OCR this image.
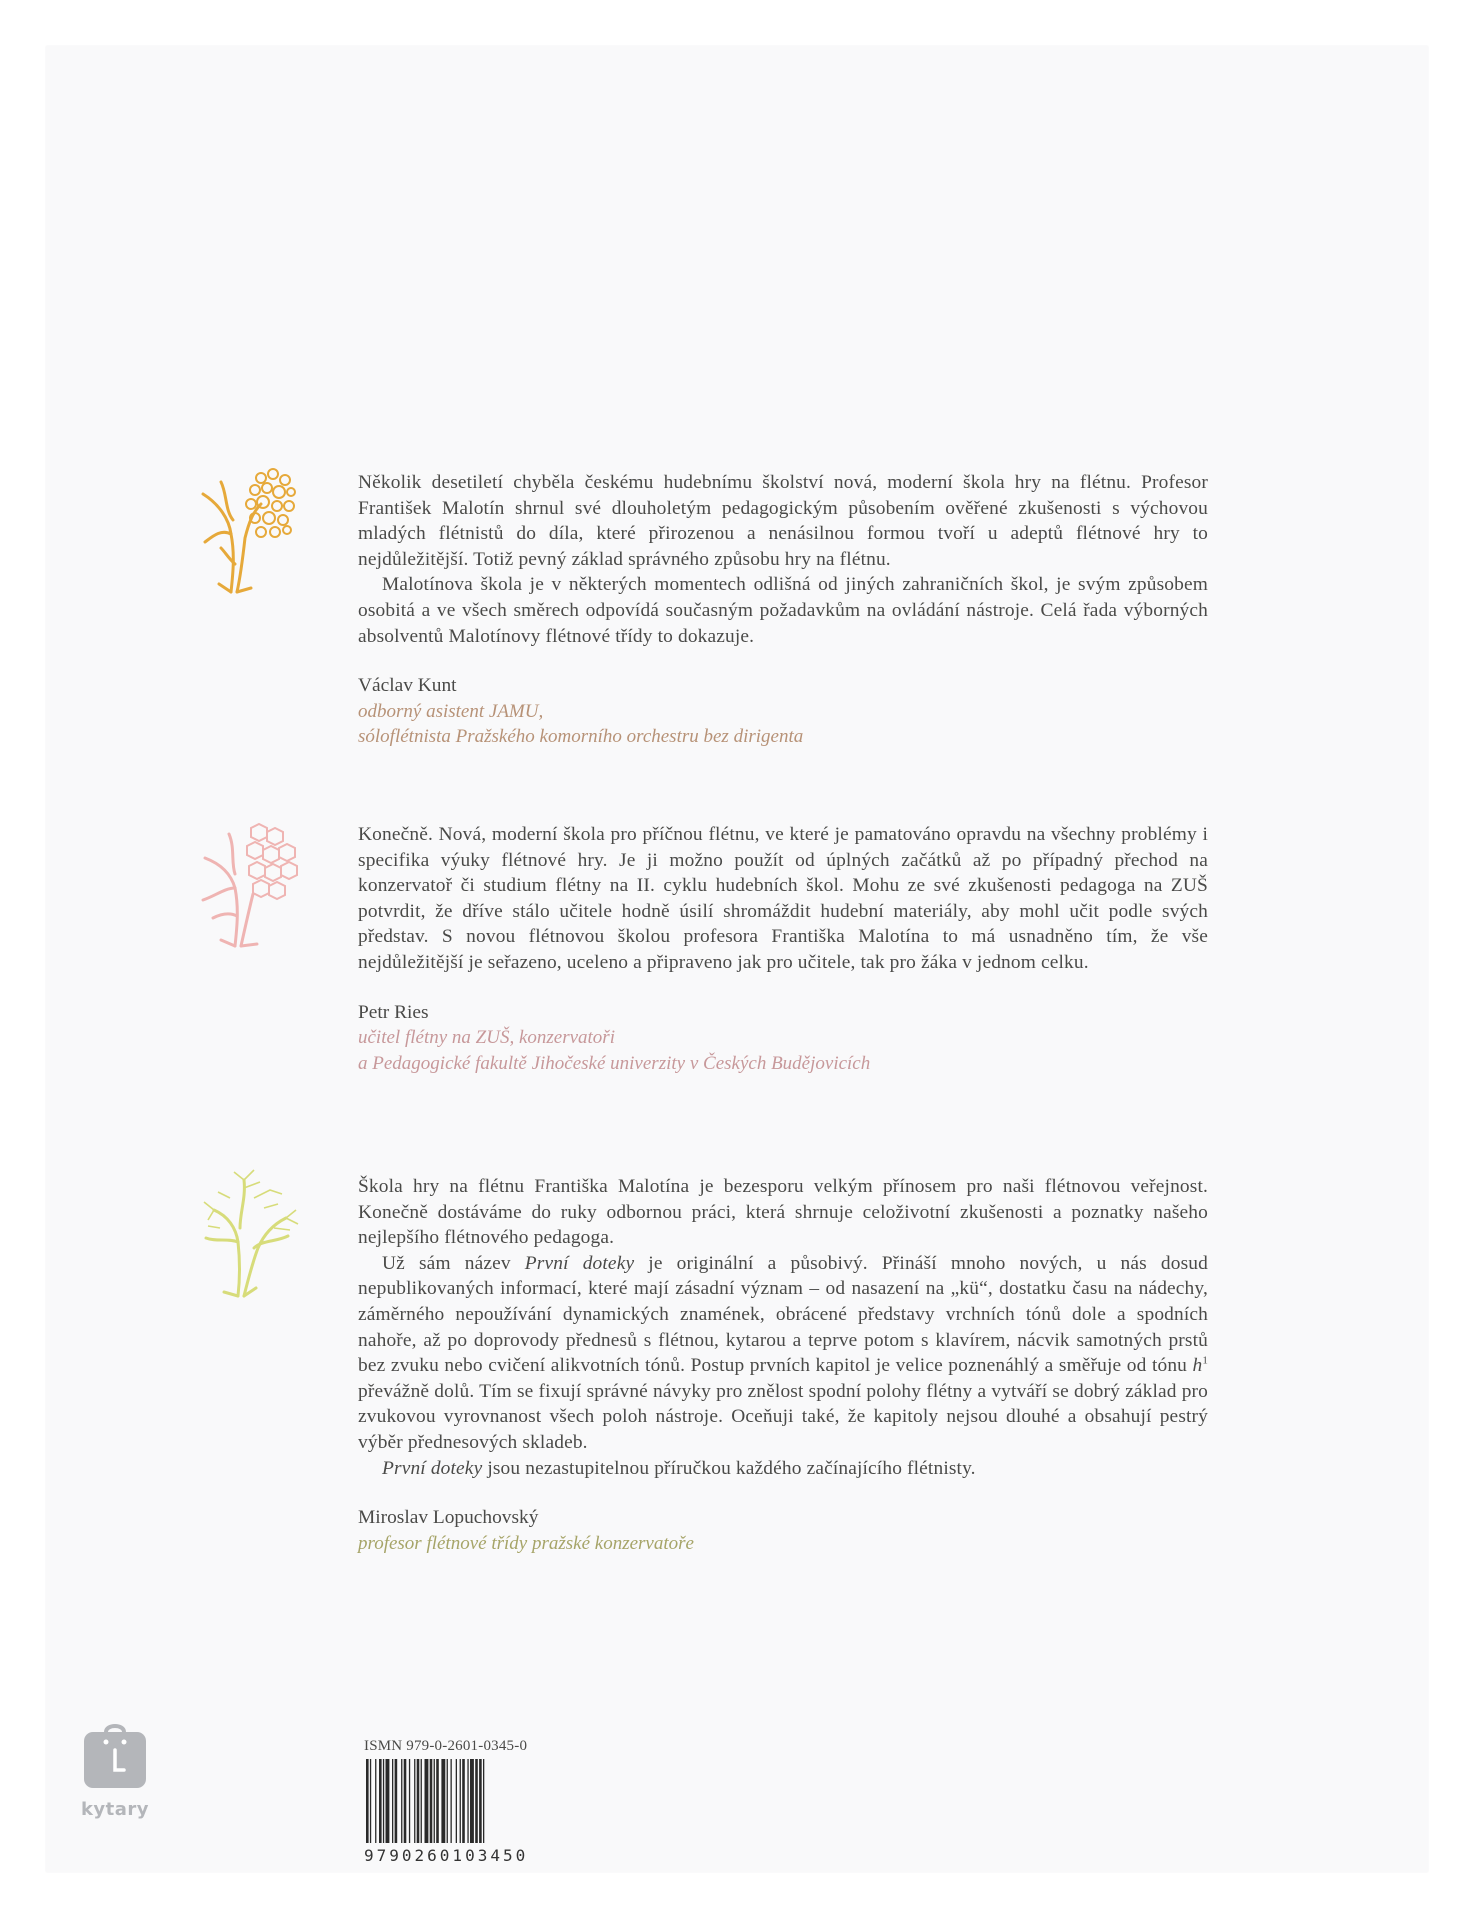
Několik desetiletí chyběla českému hudebnímu školství nová, moderní škola hry na flétnu. Profesor František Malotín shrnul své dlouholetým pedagogickým působením ověřené zkušenosti s výchovou mladých flétnistů do díla, které přirozenou a nenásilnou formou tvoří u adeptů flétnové hry to nejdůležitější. Totiž pevný základ správného způsobu hry na flétnu.

Malotínova škola je v některých momentech odlišná od jiných zahraničních škol, je svým způsobem osobitá a ve všech směrech odpovídá současným požadavkům na ovládání nástroje. Celá řada výborných absolventů Malotínovy flétnové třídy to dokazuje.

Václav Kunt

odborný asistent JAMU,

sóloflétnista Pražského komorního orchestru bez dirigenta

Konečně. Nová, moderní škola pro příčnou flétnu, ve které je pamatováno opravdu na všechny problémy i specifika výuky flétnové hry. Je ji možno použít od úplných začátků až po případný přechod na konzervatoř či studium flétny na II. cyklu hudebních škol. Mohu ze své zkušenosti pedagoga na ZUŠ potvrdit, že dříve stálo učitele hodně úsilí shromáždit hudební materiály, aby mohl učit podle svých představ. S novou flétnovou školou profesora Františka Malotína to má usnadněno tím, že vše nejdůležitější je seřazeno, uceleno a připraveno jak pro učitele, tak pro žáka v jednom celku.

Petr Ries

učitel flétny na ZUŠ, konzervatoři

a Pedagogické fakultě Jihočeské univerzity v Českých Budějovicích

Škola hry na flétnu Františka Malotína je bezesporu velkým přínosem pro naši flétnovou veřejnost. Konečně dostáváme do ruky odbornou práci, která shrnuje celoživotní zkušenosti a poznatky našeho nejlepšího flétnového pedagoga.

Už sám název První doteky je originální a působivý. Přináší mnoho nových, u nás dosud nepublikovaných informací, které mají zásadní význam – od nasazení na „kü“, dostatku času na nádechy, záměrného nepoužívání dynamických znamének, obrácené představy vrchních tónů dole a spodních nahoře, až po doprovody přednesů s flétnou, kytarou a teprve potom s klavírem, nácvik samotných prstů bez zvuku nebo cvičení alikvotních tónů. Postup prvních kapitol je velice poznenáhlý a směřuje od tónu $h^1$ převážně dolů. Tím se fixují správné návyky pro znělost spodní polohy flétny a vytváří se dobrý základ pro zvukovou vyrovnanost všech poloh nástroje. Oceňuji také, že kapitoly nejsou dlouhé a obsahují pestrý výběr přednesových skladeb.

První doteky jsou nezastupitelnou příručkou každého začínajícího flétnisty.

Miroslav Lopuchovský

profesor flétnové třídy pražské konzervatoře

ISMN 979-0-2601-0345-0
9790260103450
kytary
